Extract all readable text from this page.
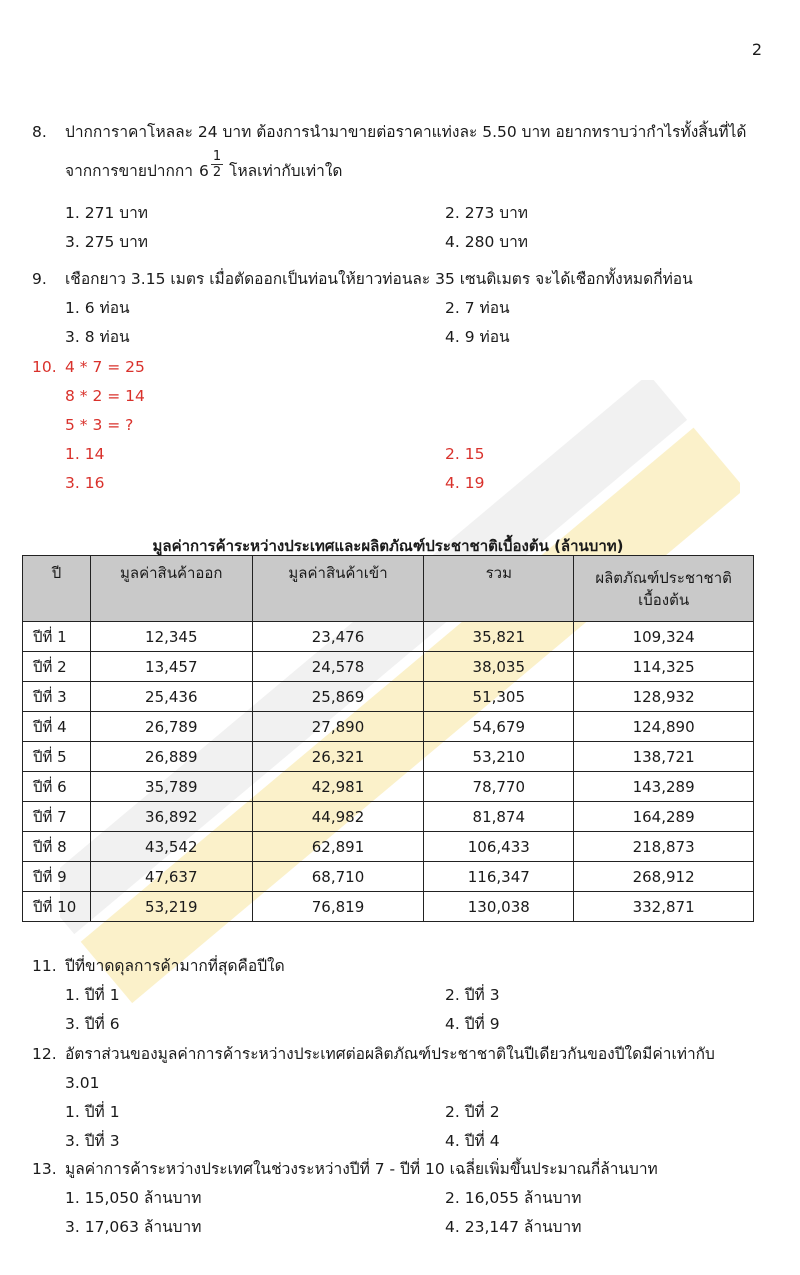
2
8.	ปากการาคาโหลละ 24 บาท ต้องการนำมาขายต่อราคาแท่งละ 5.50 บาท อยากทราบว่ากำไรทั้งสิ้นที่ได้
จากการขายปากกา $6 \frac{1}{2}$ โหลเท่ากับเท่าใด
1. 271 บาท	2. 273 บาท
3. 275 บาท	4. 280 บาท
9.	เชือกยาว 3.15 เมตร เมื่อตัดออกเป็นท่อนให้ยาวท่อนละ 35 เซนติเมตร จะได้เชือกทั้งหมดกี่ท่อน
1. 6 ท่อน	2. 7 ท่อน
3. 8 ท่อน	4. 9 ท่อน
10. 4 * 7 = 25
8 * 2 = 14
5 * 3 = ?
1. 14	2. 15
3. 16	4. 19
มูลค่าการค้าระหว่างประเทศและผลิตภัณฑ์ประชาชาติเบื้องต้น (ล้านบาท)
ปี	มูลค่าสินค้าออก	มูลค่าสินค้าเข้า	รวม	ผลิตภัณฑ์ประชาชาติ
เบื้องต้น

ปีที่ 1	12,345	23,476	35,821	109,324
ปีที่ 2	13,457	24,578	38,035	114,325
ปีที่ 3	25,436	25,869	51,305	128,932
ปีที่ 4	26,789	27,890	54,679	124,890
ปีที่ 5	26,889	26,321	53,210	138,721
ปีที่ 6	35,789	42,981	78,770	143,289
ปีที่ 7	36,892	44,982	81,874	164,289
ปีที่ 8	43,542	62,891	106,433	218,873
ปีที่ 9	47,637	68,710	116,347	268,912
ปีที่ 10	53,219	76,819	130,038	332,871
11. ปีที่ขาดดุลการค้ามากที่สุดคือปีใด
1. ปีที่ 1	2. ปีที่ 3
3. ปีที่ 6	4. ปีที่ 9
12. อัตราส่วนของมูลค่าการค้าระหว่างประเทศต่อผลิตภัณฑ์ประชาชาติในปีเดียวกันของปีใดมีค่าเท่ากับ
3.01
1. ปีที่ 1	2. ปีที่ 2
3. ปีที่ 3	4. ปีที่ 4
13. มูลค่าการค้าระหว่างประเทศในช่วงระหว่างปีที่ 7 - ปีที่ 10 เฉลี่ยเพิ่มขึ้นประมาณกี่ล้านบาท
1. 15,050 ล้านบาท	2. 16,055 ล้านบาท
3. 17,063 ล้านบาท	4. 23,147 ล้านบาท
